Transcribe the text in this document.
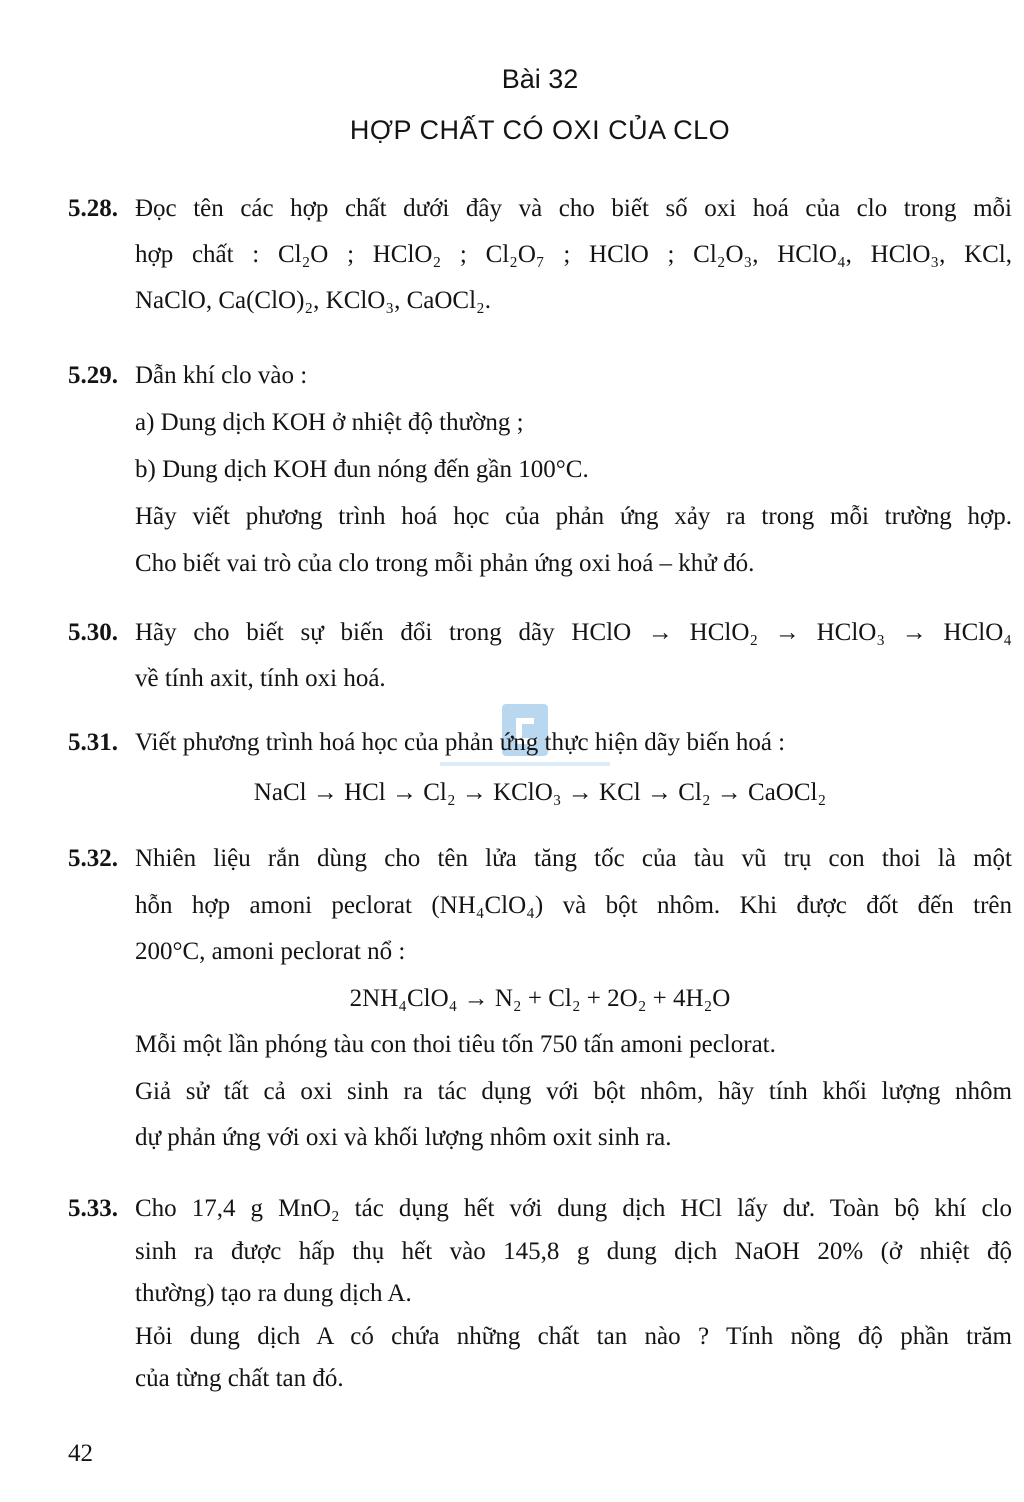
Bài 32
HỢP CHẤT CÓ OXI CỦA CLO
5.28. Đọc tên các hợp chất dưới đây và cho biết số oxi hoá của clo trong mỗi
hợp chất : Cl₂O ; HClO₂ ; Cl₂O₇ ; HClO ; Cl₂O₃, HClO₄, HClO₃, KCl,
NaClO, Ca(ClO)₂, KClO₃, CaOCl₂.
5.29. Dẫn khí clo vào :
a) Dung dịch KOH ở nhiệt độ thường ;
b) Dung dịch KOH đun nóng đến gần 100°C.
Hãy viết phương trình hoá học của phản ứng xảy ra trong mỗi trường hợp.
Cho biết vai trò của clo trong mỗi phản ứng oxi hoá – khử đó.
5.30. Hãy cho biết sự biến đổi trong dãy HClO → HClO₂ → HClO₃ → HClO₄
về tính axit, tính oxi hoá.
5.31. Viết phương trình hoá học của phản ứng thực hiện dãy biến hoá :
NaCl → HCl → Cl₂ → KClO₃ → KCl → Cl₂ → CaOCl₂
5.32. Nhiên liệu rắn dùng cho tên lửa tăng tốc của tàu vũ trụ con thoi là một
hỗn hợp amoni peclorat (NH₄ClO₄) và bột nhôm. Khi được đốt đến trên
200°C, amoni peclorat nổ :
2NH₄ClO₄ → N₂ + Cl₂ + 2O₂ + 4H₂O
Mỗi một lần phóng tàu con thoi tiêu tốn 750 tấn amoni peclorat.
Giả sử tất cả oxi sinh ra tác dụng với bột nhôm, hãy tính khối lượng nhôm
dự phản ứng với oxi và khối lượng nhôm oxit sinh ra.
5.33. Cho 17,4 g MnO₂ tác dụng hết với dung dịch HCl lấy dư. Toàn bộ khí clo
sinh ra được hấp thụ hết vào 145,8 g dung dịch NaOH 20% (ở nhiệt độ
thường) tạo ra dung dịch A.
Hỏi dung dịch A có chứa những chất tan nào ? Tính nồng độ phần trăm
của từng chất tan đó.
42
